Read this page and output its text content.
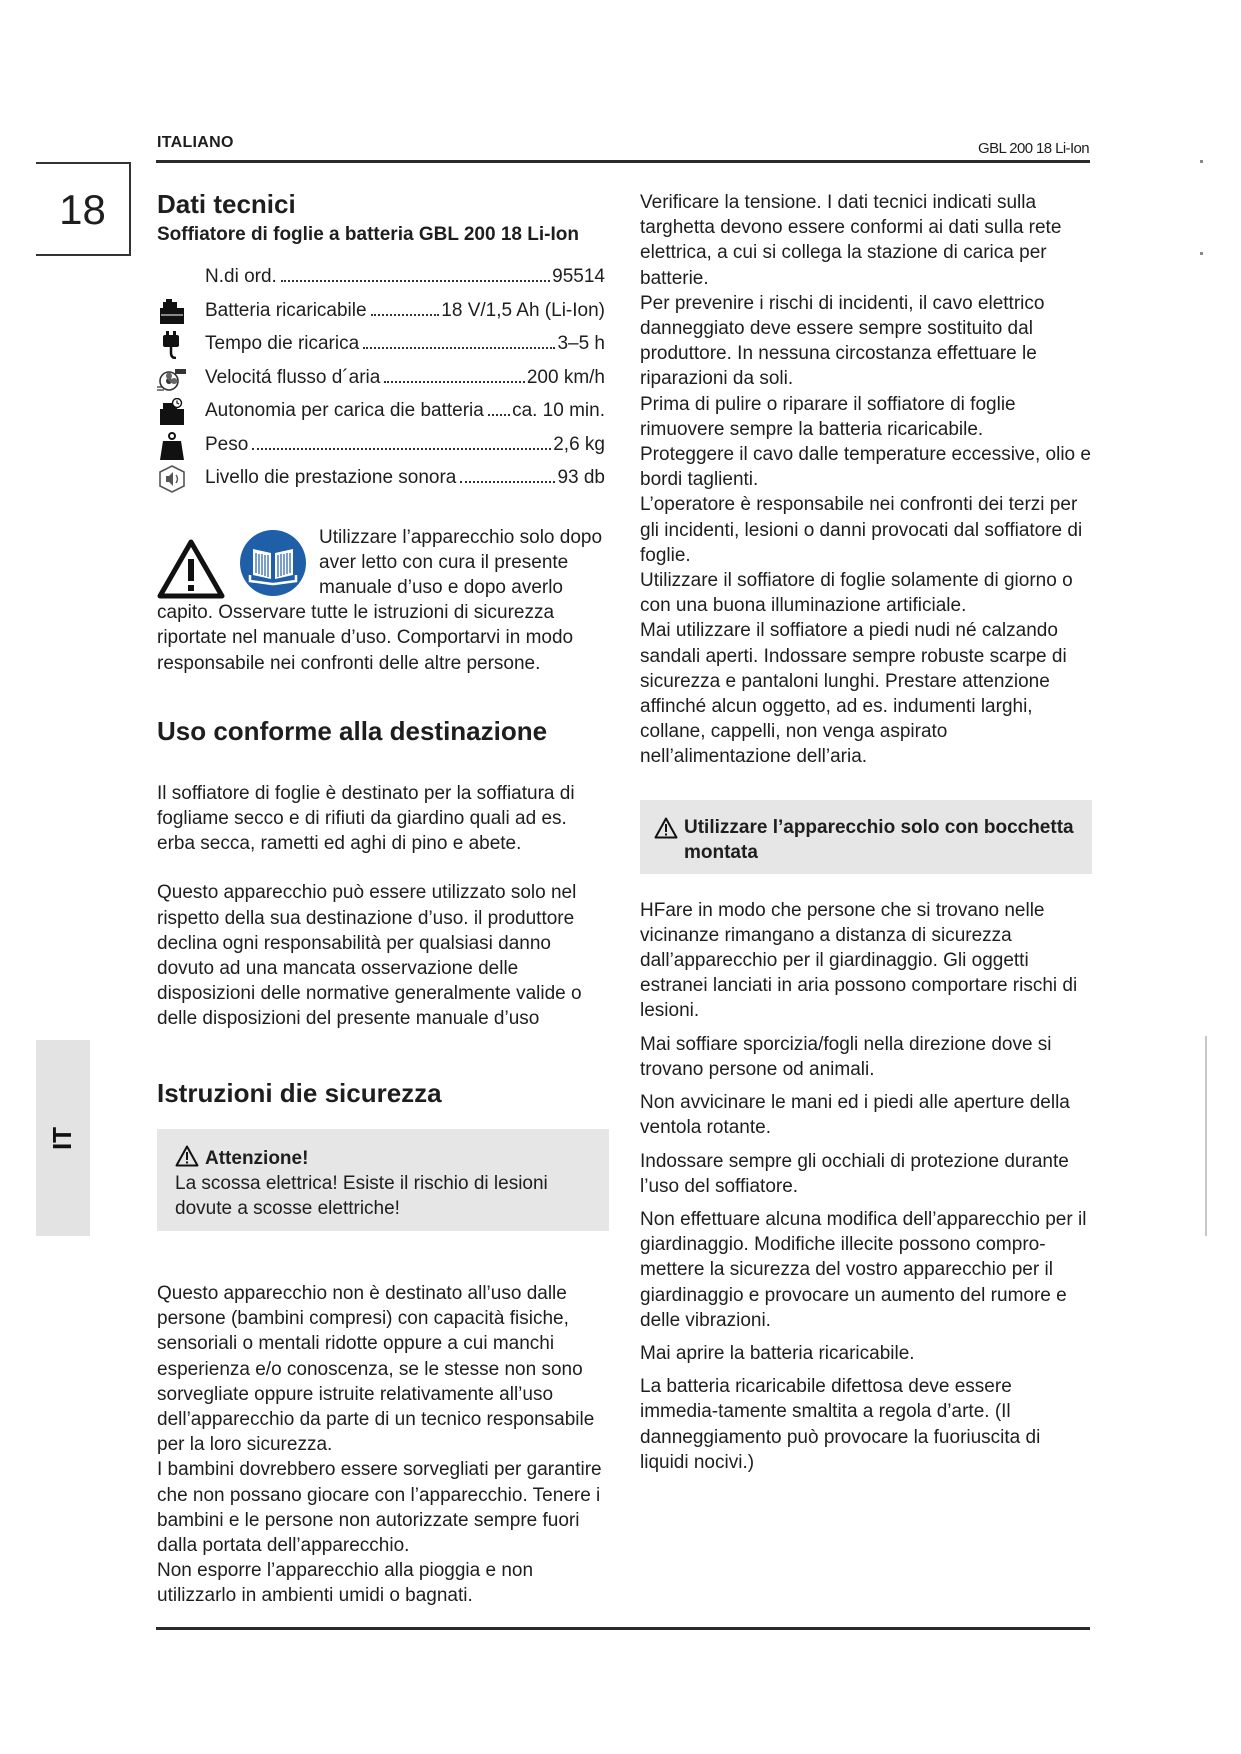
ITALIANO	GBL 200 18 Li-Ion
18
IT
Dati tecnici
Soffiatore di foglie a batteria GBL 200 18 Li-Ion
N.di ord.	95514
Batteria ricaricabile	18 V/1,5 Ah (Li-Ion)
Tempo die ricarica	3–5 h
Velocitá flusso d´aria	200 km/h
Autonomia per carica die batteria ca. 10 min.
Peso	2,6 kg
Livello die prestazione sonora	93 db

Utilizzare l’apparecchio solo dopo aver letto con cura il presente manuale d’uso e dopo averlo capito. Osservare tutte le istruzioni di sicurezza riportate nel manuale d’uso. Comportarvi in modo responsabile nei confronti delle altre persone.

Uso conforme alla destinazione

Il soffiatore di foglie è destinato per la soffiatura di fogliame secco e di rifiuti da giardino quali ad es. erba secca, rametti ed aghi di pino e abete.

Questo apparecchio può essere utilizzato solo nel rispetto della sua destinazione d’uso. il produttore declina ogni responsabilità per qualsiasi danno dovuto ad una mancata osservazione delle disposizioni delle normative generalmente valide o delle disposizioni del presente manuale d’uso

Istruzioni die sicurezza
Attenzione!

La scossa elettrica! Esiste il rischio di lesioni dovute a scosse elettriche!

Questo apparecchio non è destinato all’uso dalle persone (bambini compresi) con capacità fisiche, sensoriali o mentali ridotte oppure a cui manchi esperienza e/o conoscenza, se le stesse non sono sorvegliate oppure istruite relativamente all’uso dell’apparecchio da parte di un tecnico responsabile per la loro sicurezza.

I bambini dovrebbero essere sorvegliati per garantire che non possano giocare con l’apparecchio. Tenere i bambini e le persone non autorizzate sempre fuori dalla portata dell’apparecchio.

Non esporre l’apparecchio alla pioggia e non utilizzarlo in ambienti umidi o bagnati.

Verificare la tensione. I dati tecnici indicati sulla targhetta devono essere conformi ai dati sulla rete elettrica, a cui si collega la stazione di carica per batterie.

Per prevenire i rischi di incidenti, il cavo elettrico danneggiato deve essere sempre sostituito dal produttore. In nessuna circostanza effettuare le riparazioni da soli.

Prima di pulire o riparare il soffiatore di foglie rimuovere sempre la batteria ricaricabile.

Proteggere il cavo dalle temperature eccessive, olio e bordi taglienti.

L’operatore è responsabile nei confronti dei terzi per gli incidenti, lesioni o danni provocati dal soffiatore di foglie.

Utilizzare il soffiatore di foglie solamente di giorno o con una buona illuminazione artificiale.

Mai utilizzare il soffiatore a piedi nudi né calzando sandali aperti. Indossare sempre robuste scarpe di sicurezza e pantaloni lunghi. Prestare attenzione affinché alcun oggetto, ad es. indumenti larghi, collane, cappelli, non venga aspirato nell’alimentazione dell’aria.

Utilizzare l’apparecchio solo con bocchetta montata

HFare in modo che persone che si trovano nelle vicinanze rimangano a distanza di sicurezza dall’apparecchio per il giardinaggio. Gli oggetti estranei lanciati in aria possono comportare rischi di lesioni.

Mai soffiare sporcizia/fogli nella direzione dove si trovano persone od animali.

Non avvicinare le mani ed i piedi alle aperture della ventola rotante.

Indossare sempre gli occhiali di protezione durante l’uso del soffiatore.

Non effettuare alcuna modifica dell’apparecchio per il giardinaggio. Modifiche illecite possono compro-mettere la sicurezza del vostro apparecchio per il giardinaggio e provocare un aumento del rumore e delle vibrazioni.

Mai aprire la batteria ricaricabile.

La batteria ricaricabile difettosa deve essere immedia-tamente smaltita a regola d’arte. (Il danneggiamento può provocare la fuoriuscita di liquidi nocivi.)
